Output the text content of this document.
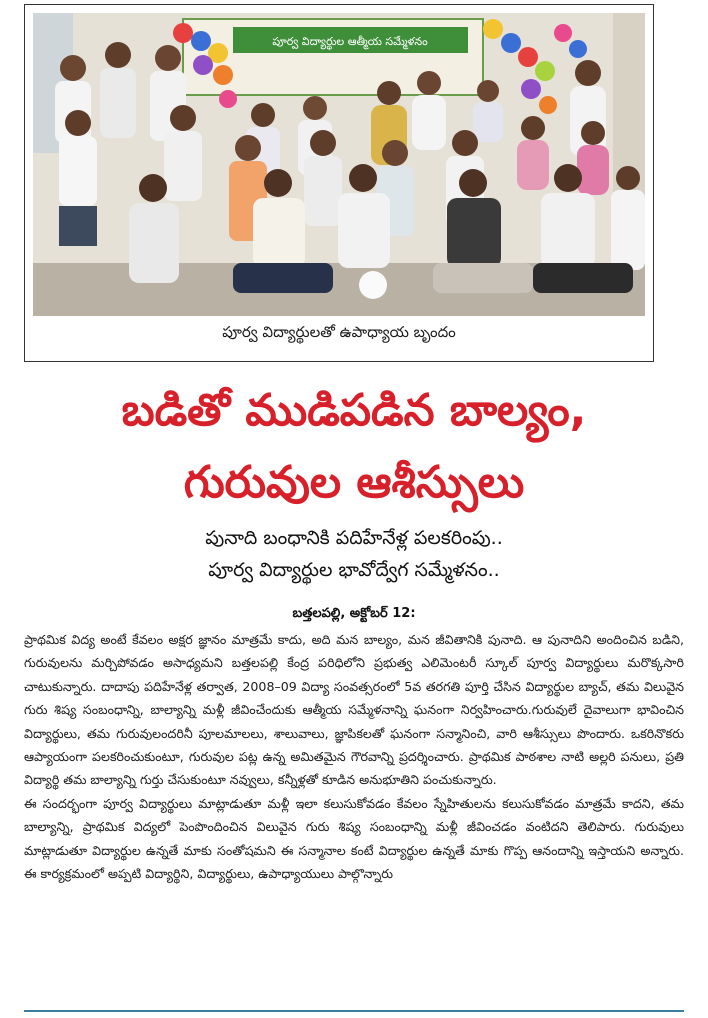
పూర్వ విద్యార్థుల ఆత్మీయ సమ్మేళనం
పూర్వ విద్యార్థులతో ఉపాధ్యాయ బృందం
బడితో ముడిపడిన బాల్యం,
గురువుల ఆశీస్సులు
పునాది బంధానికి పదిహేనేళ్ల పలకరింపు..
పూర్వ విద్యార్థుల భావోద్వేగ సమ్మేళనం..
బత్తలపల్లి, అక్టోబర్ 12:

ప్రాథమిక విద్య అంటే కేవలం అక్షర జ్ఞానం మాత్రమే కాదు, అది మన బాల్యం, మన జీవితానికి పునాది. ఆ పునాదిని అందించిన బడిని, గురువులను మర్చిపోవడం అసాధ్యమని బత్తలపల్లి కేంద్ర పరిధిలోని ప్రభుత్వ ఎలిమెంటరీ స్కూల్ పూర్వ విద్యార్థులు మరొక్కసారి చాటుకున్నారు. దాదాపు పదిహేనేళ్ల తర్వాత, 2008–09 విద్యా సంవత్సరంలో 5వ తరగతి పూర్తి చేసిన విద్యార్థుల బ్యాచ్, తమ విలువైన గురు శిష్య సంబంధాన్ని, బాల్యాన్ని మళ్లీ జీవించేందుకు ఆత్మీయ సమ్మేళనాన్ని ఘనంగా నిర్వహించారు.గురువులే దైవాలుగా భావించిన విద్యార్థులు, తమ గురువులందరినీ పూలమాలలు, శాలువాలు, జ్ఞాపికలతో ఘనంగా సన్మానించి, వారి ఆశీస్సులు పొందారు. ఒకరినొకరు ఆప్యాయంగా పలకరించుకుంటూ, గురువుల పట్ల ఉన్న అమితమైన గౌరవాన్ని ప్రదర్శించారు. ప్రాథమిక పాఠశాల నాటి అల్లరి పనులు, ప్రతి విద్యార్థి తమ బాల్యాన్ని గుర్తు చేసుకుంటూ నవ్వులు, కన్నీళ్లతో కూడిన అనుభూతిని పంచుకున్నారు.

ఈ సందర్భంగా పూర్వ విద్యార్థులు మాట్లాడుతూ మళ్లీ ఇలా కలుసుకోవడం కేవలం స్నేహితులను కలుసుకోవడం మాత్రమే కాదని, తమ బాల్యాన్ని, ప్రాథమిక విద్యలో పెంపొందించిన విలువైన గురు శిష్య సంబంధాన్ని మళ్లీ జీవించడం వంటిదని తెలిపారు. గురువులు మాట్లాడుతూ విద్యార్థుల ఉన్నతే మాకు సంతోషమని ఈ సన్మానాల కంటే విద్యార్థుల ఉన్నతే మాకు గొప్ప ఆనందాన్ని ఇస్తాయని అన్నారు. ఈ కార్యక్రమంలో అప్పటి విద్యార్థిని, విద్యార్థులు, ఉపాధ్యాయులు పాల్గొన్నారు
